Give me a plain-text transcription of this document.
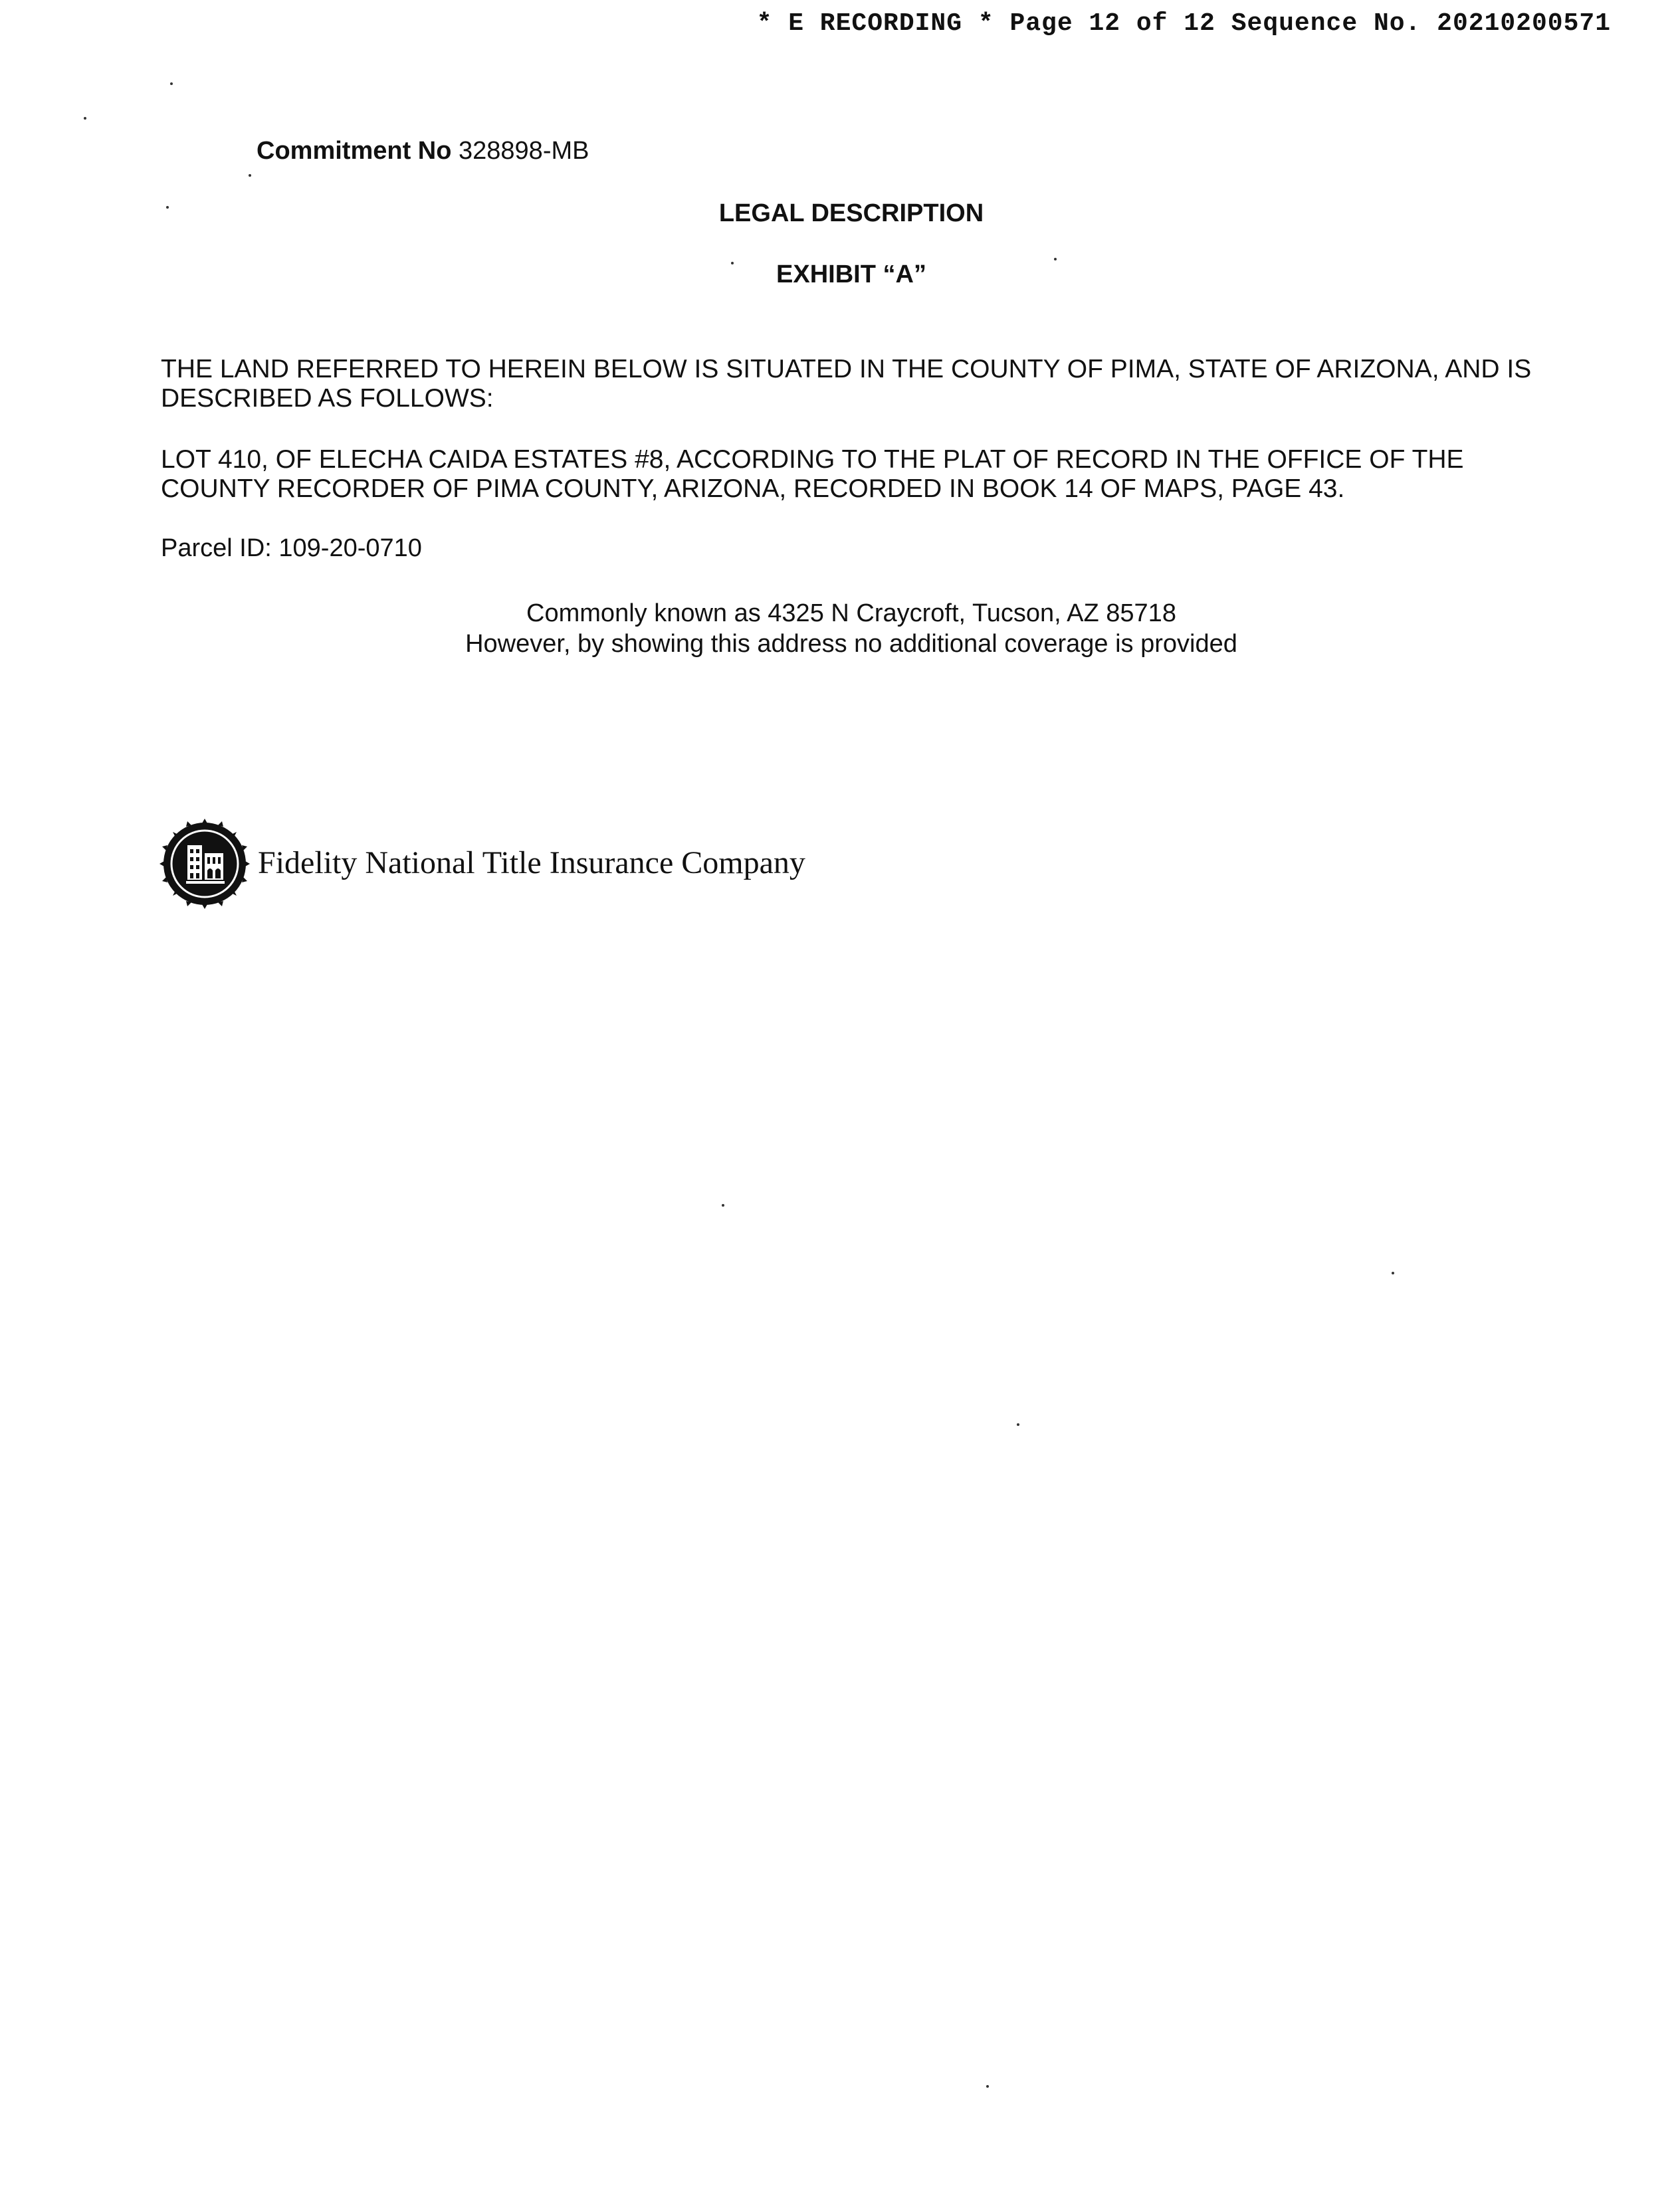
* E RECORDING * Page 12 of 12 Sequence No. 20210200571
Commitment No 328898-MB
LEGAL DESCRIPTION
EXHIBIT “A”
THE LAND REFERRED TO HEREIN BELOW IS SITUATED IN THE COUNTY OF PIMA, STATE OF ARIZONA, AND IS DESCRIBED AS FOLLOWS:
LOT 410, OF ELECHA CAIDA ESTATES #8, ACCORDING TO THE PLAT OF RECORD IN THE OFFICE OF THE COUNTY RECORDER OF PIMA COUNTY, ARIZONA, RECORDED IN BOOK 14 OF MAPS, PAGE 43.
Parcel ID: 109-20-0710
Commonly known as 4325 N Craycroft, Tucson, AZ 85718
However, by showing this address no additional coverage is provided
Fidelity National Title Insurance Company
